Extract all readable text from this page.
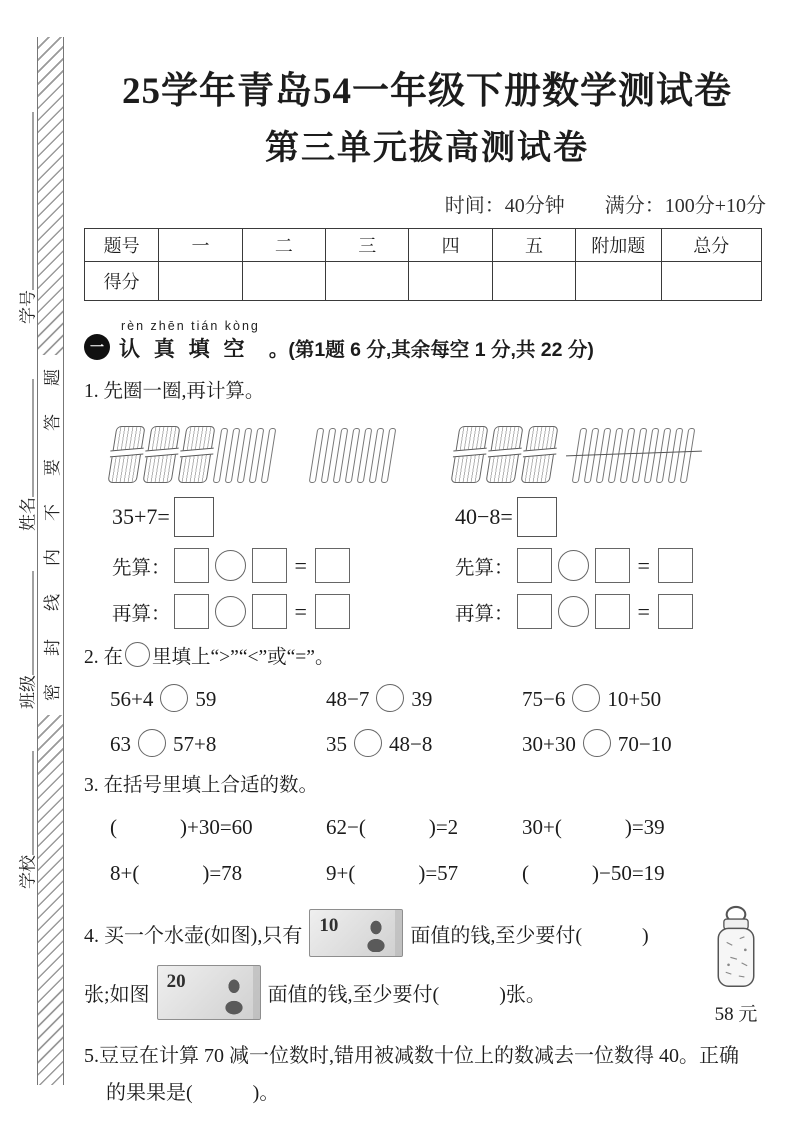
题
答
要
不
内
线
封
密
学号
姓名
班级
学校
25学年青岛54一年级下册数学测试卷
第三单元拔高测试卷
时间：40分钟　　满分：100分+10分
题号	一	二	三	四	五	附加题	总分
得分							
一
rèn zhēn tián kòng
认 真 填 空	。(第1题 6 分,其余每空 1 分,共 22 分)
1. 先圈一圈,再计算。
35+7=
先算：	=
再算：	=
40−8=
先算：	=
再算：	=
2. 在 里填上“>”“<”或“=”。
56+4 59	48−7 39	75−6 10+50
63 57+8	35 48−8	30+30 70−10
3. 在括号里填上合适的数。
(　　　)+30=60	62−(　　　)=2	30+(　　　)=39
8+(　　　)=78	9+(　　　)=57	(　　　)−50=19
4. 买一个 水壶 (如图),只有 10	面值的钱,至少要付(　　　)
张; 如图
20
面值的钱,至少要付(　　　)张。
58 元
5.豆豆在计算 70 减一位数时,错用被减数十位上的数减去一位数得 40。正确
的果果是(　　　)。
